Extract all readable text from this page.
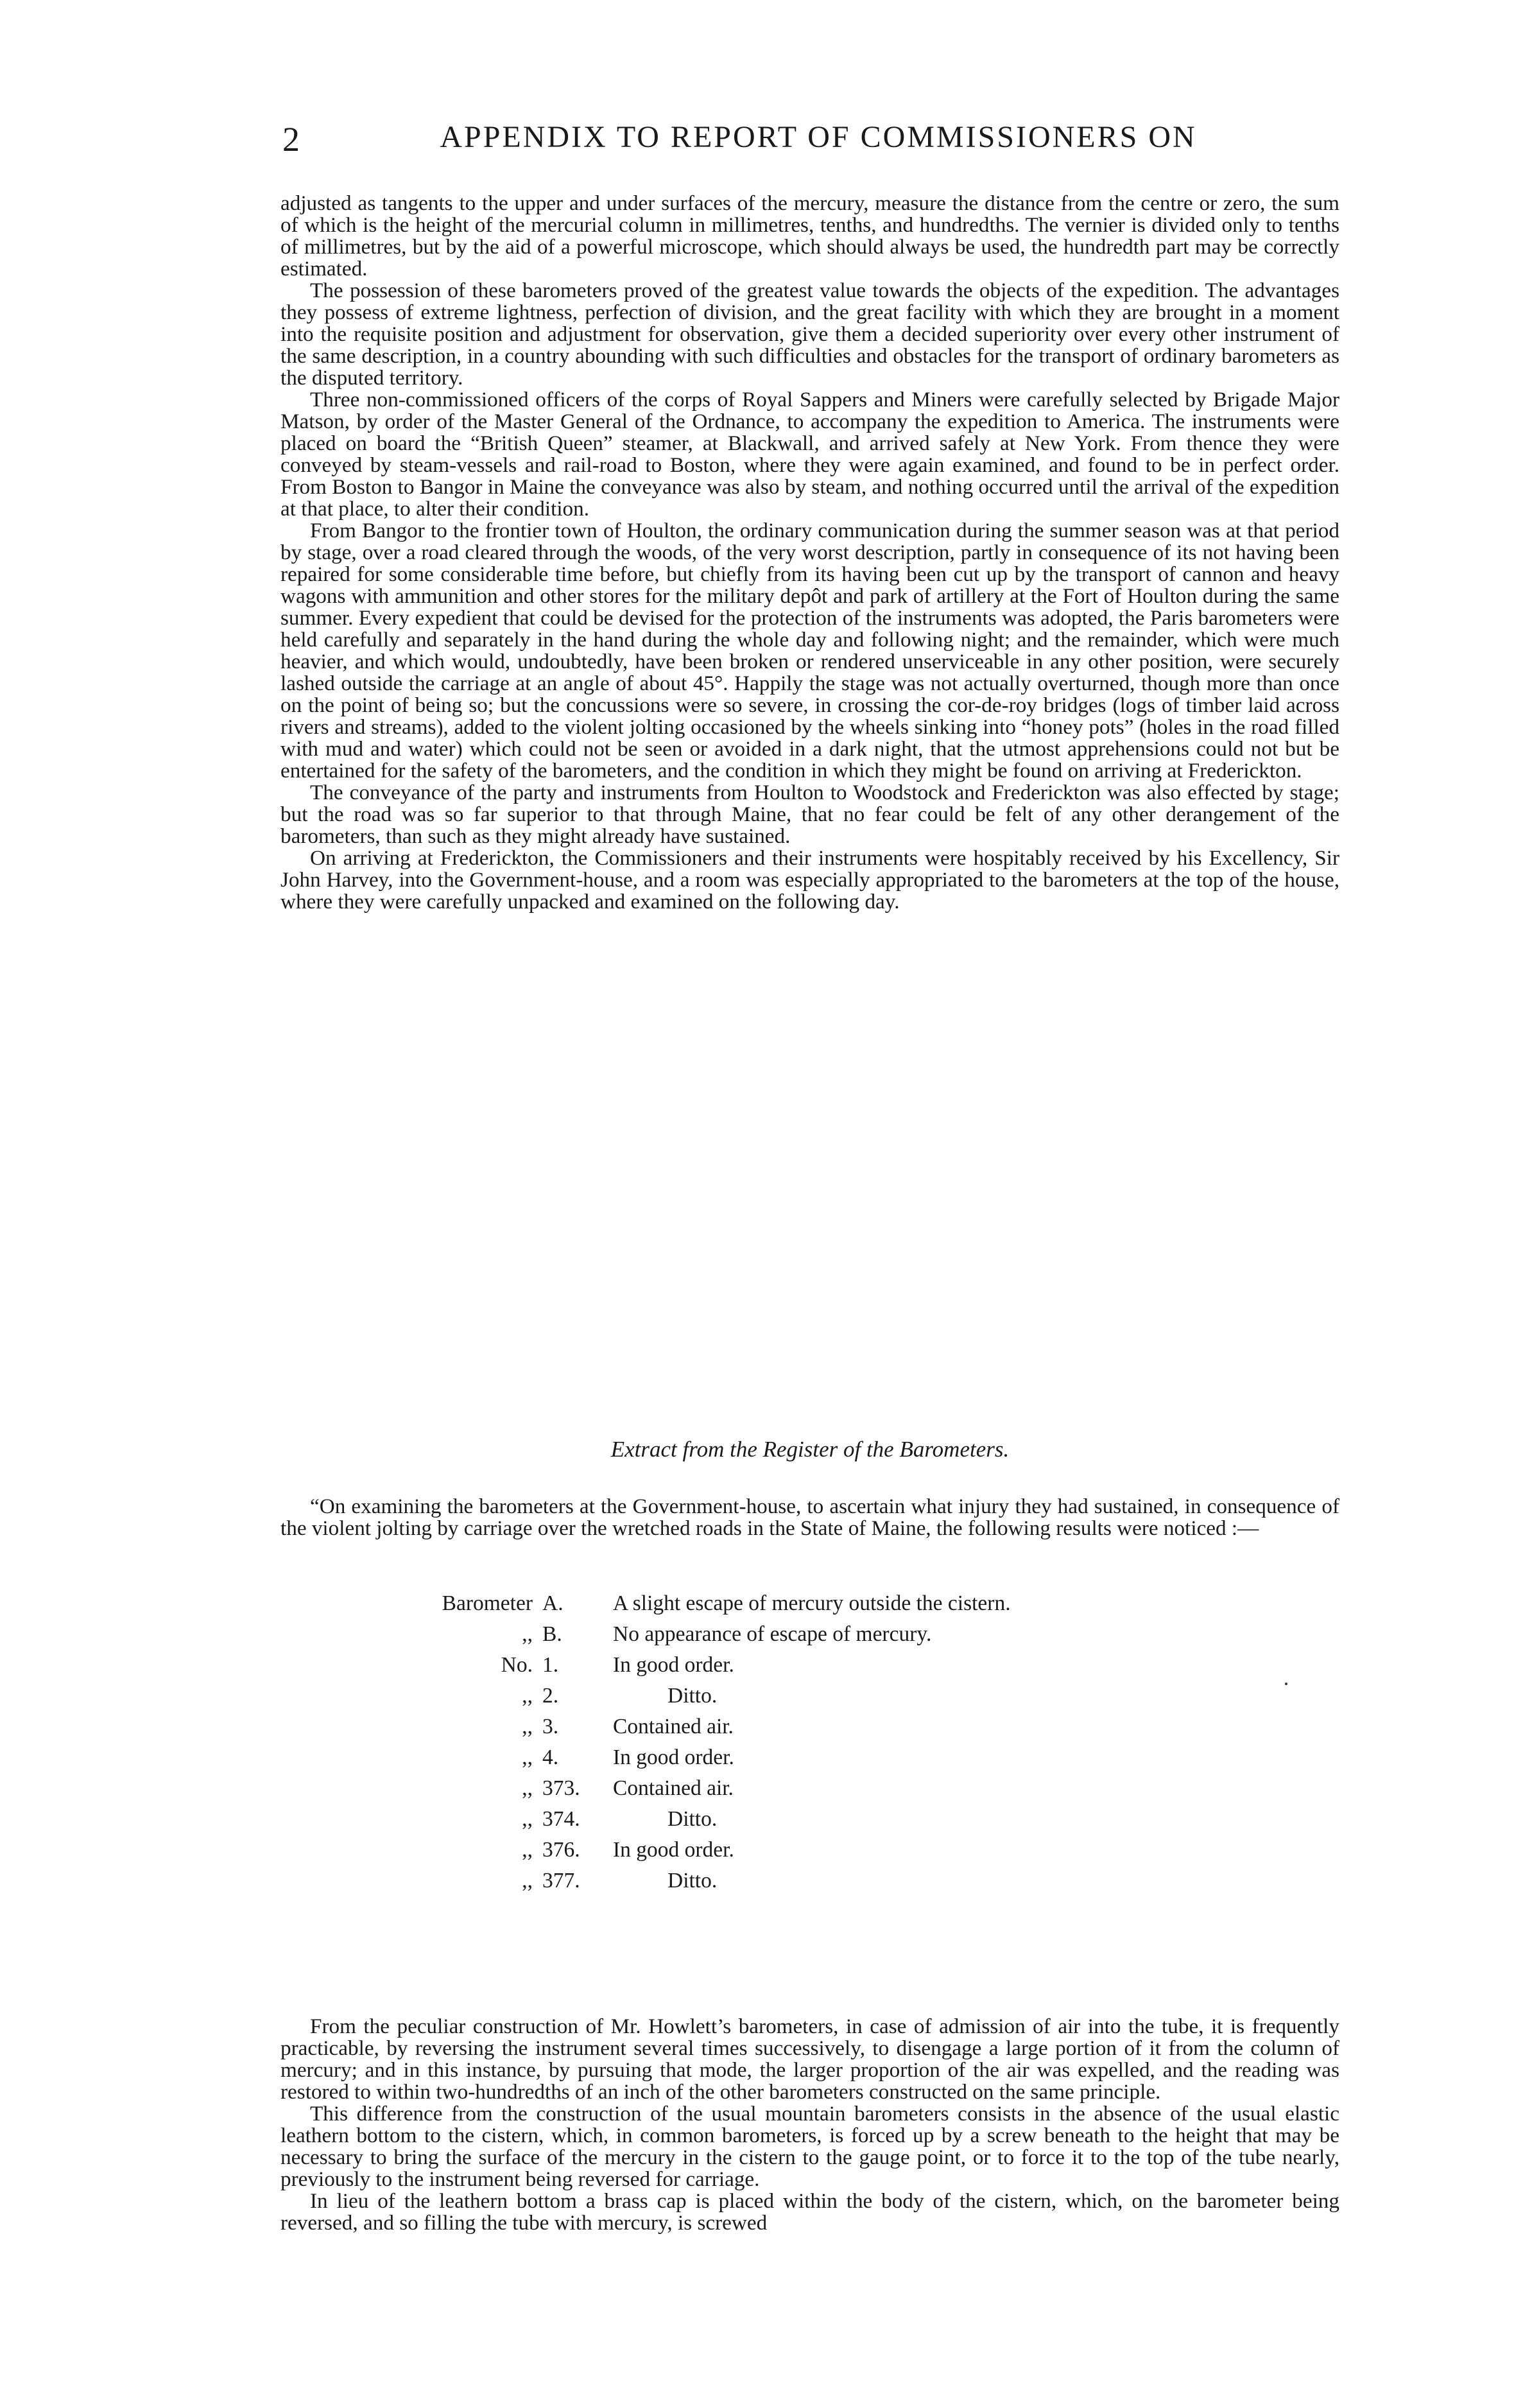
2	APPENDIX TO REPORT OF COMMISSIONERS ON

adjusted as tangents to the upper and under surfaces of the mercury, measure the distance from the centre or zero, the sum of which is the height of the mercurial column in millimetres, tenths, and hundredths. The vernier is divided only to tenths of millimetres, but by the aid of a powerful microscope, which should always be used, the hundredth part may be correctly estimated.

The possession of these barometers proved of the greatest value towards the objects of the expedition. The advantages they possess of extreme lightness, perfection of division, and the great facility with which they are brought in a moment into the requisite position and adjustment for observation, give them a decided superiority over every other instrument of the same description, in a country abounding with such difficulties and obstacles for the transport of ordinary barometers as the disputed territory.

Three non-commissioned officers of the corps of Royal Sappers and Miners were carefully selected by Brigade Major Matson, by order of the Master General of the Ordnance, to accompany the expedition to America. The instruments were placed on board the “British Queen” steamer, at Blackwall, and arrived safely at New York. From thence they were conveyed by steam-vessels and rail-road to Boston, where they were again examined, and found to be in perfect order. From Boston to Bangor in Maine the conveyance was also by steam, and nothing occurred until the arrival of the expedition at that place, to alter their condition.

From Bangor to the frontier town of Houlton, the ordinary communication during the summer season was at that period by stage, over a road cleared through the woods, of the very worst description, partly in consequence of its not having been repaired for some considerable time before, but chiefly from its having been cut up by the transport of cannon and heavy wagons with ammunition and other stores for the military depôt and park of artillery at the Fort of Houlton during the same summer. Every expedient that could be devised for the protection of the instruments was adopted, the Paris barometers were held carefully and separately in the hand during the whole day and following night; and the remainder, which were much heavier, and which would, undoubtedly, have been broken or rendered unserviceable in any other position, were securely lashed outside the carriage at an angle of about 45°. Happily the stage was not actually overturned, though more than once on the point of being so; but the concussions were so severe, in crossing the cor-de-roy bridges (logs of timber laid across rivers and streams), added to the violent jolting occasioned by the wheels sinking into “honey pots” (holes in the road filled with mud and water) which could not be seen or avoided in a dark night, that the utmost apprehensions could not but be entertained for the safety of the barometers, and the condition in which they might be found on arriving at Frederickton.

The conveyance of the party and instruments from Houlton to Woodstock and Frederickton was also effected by stage; but the road was so far superior to that through Maine, that no fear could be felt of any other derangement of the barometers, than such as they might already have sustained.

On arriving at Frederickton, the Commissioners and their instruments were hospitably received by his Excellency, Sir John Harvey, into the Government-house, and a room was especially appropriated to the barometers at the top of the house, where they were carefully unpacked and examined on the following day.

Extract from the Register of the Barometers.

“On examining the barometers at the Government-house, to ascertain what injury they had sustained, in consequence of the violent jolting by carriage over the wretched roads in the State of Maine, the following results were noticed :—

Barometer A. A slight escape of mercury outside the cistern.
,, B. No appearance of escape of mercury.
No. 1.	In good order.
,, 2.	Ditto.
,, 3.	Contained air.
,, 4.	In good order.
,, 373. Contained air.
,, 374.	Ditto.
,, 376. In good order.
,, 377.	Ditto.

From the peculiar construction of Mr. Howlett’s barometers, in case of admission of air into the tube, it is frequently practicable, by reversing the instrument several times successively, to disengage a large portion of it from the column of mercury; and in this instance, by pursuing that mode, the larger proportion of the air was expelled, and the reading was restored to within two-hundredths of an inch of the other barometers constructed on the same principle.

This difference from the construction of the usual mountain barometers consists in the absence of the usual elastic leathern bottom to the cistern, which, in common barometers, is forced up by a screw beneath to the height that may be necessary to bring the surface of the mercury in the cistern to the gauge point, or to force it to the top of the tube nearly, previously to the instrument being reversed for carriage.

In lieu of the leathern bottom a brass cap is placed within the body of the cistern, which, on the barometer being reversed, and so filling the tube with mercury, is screwed
